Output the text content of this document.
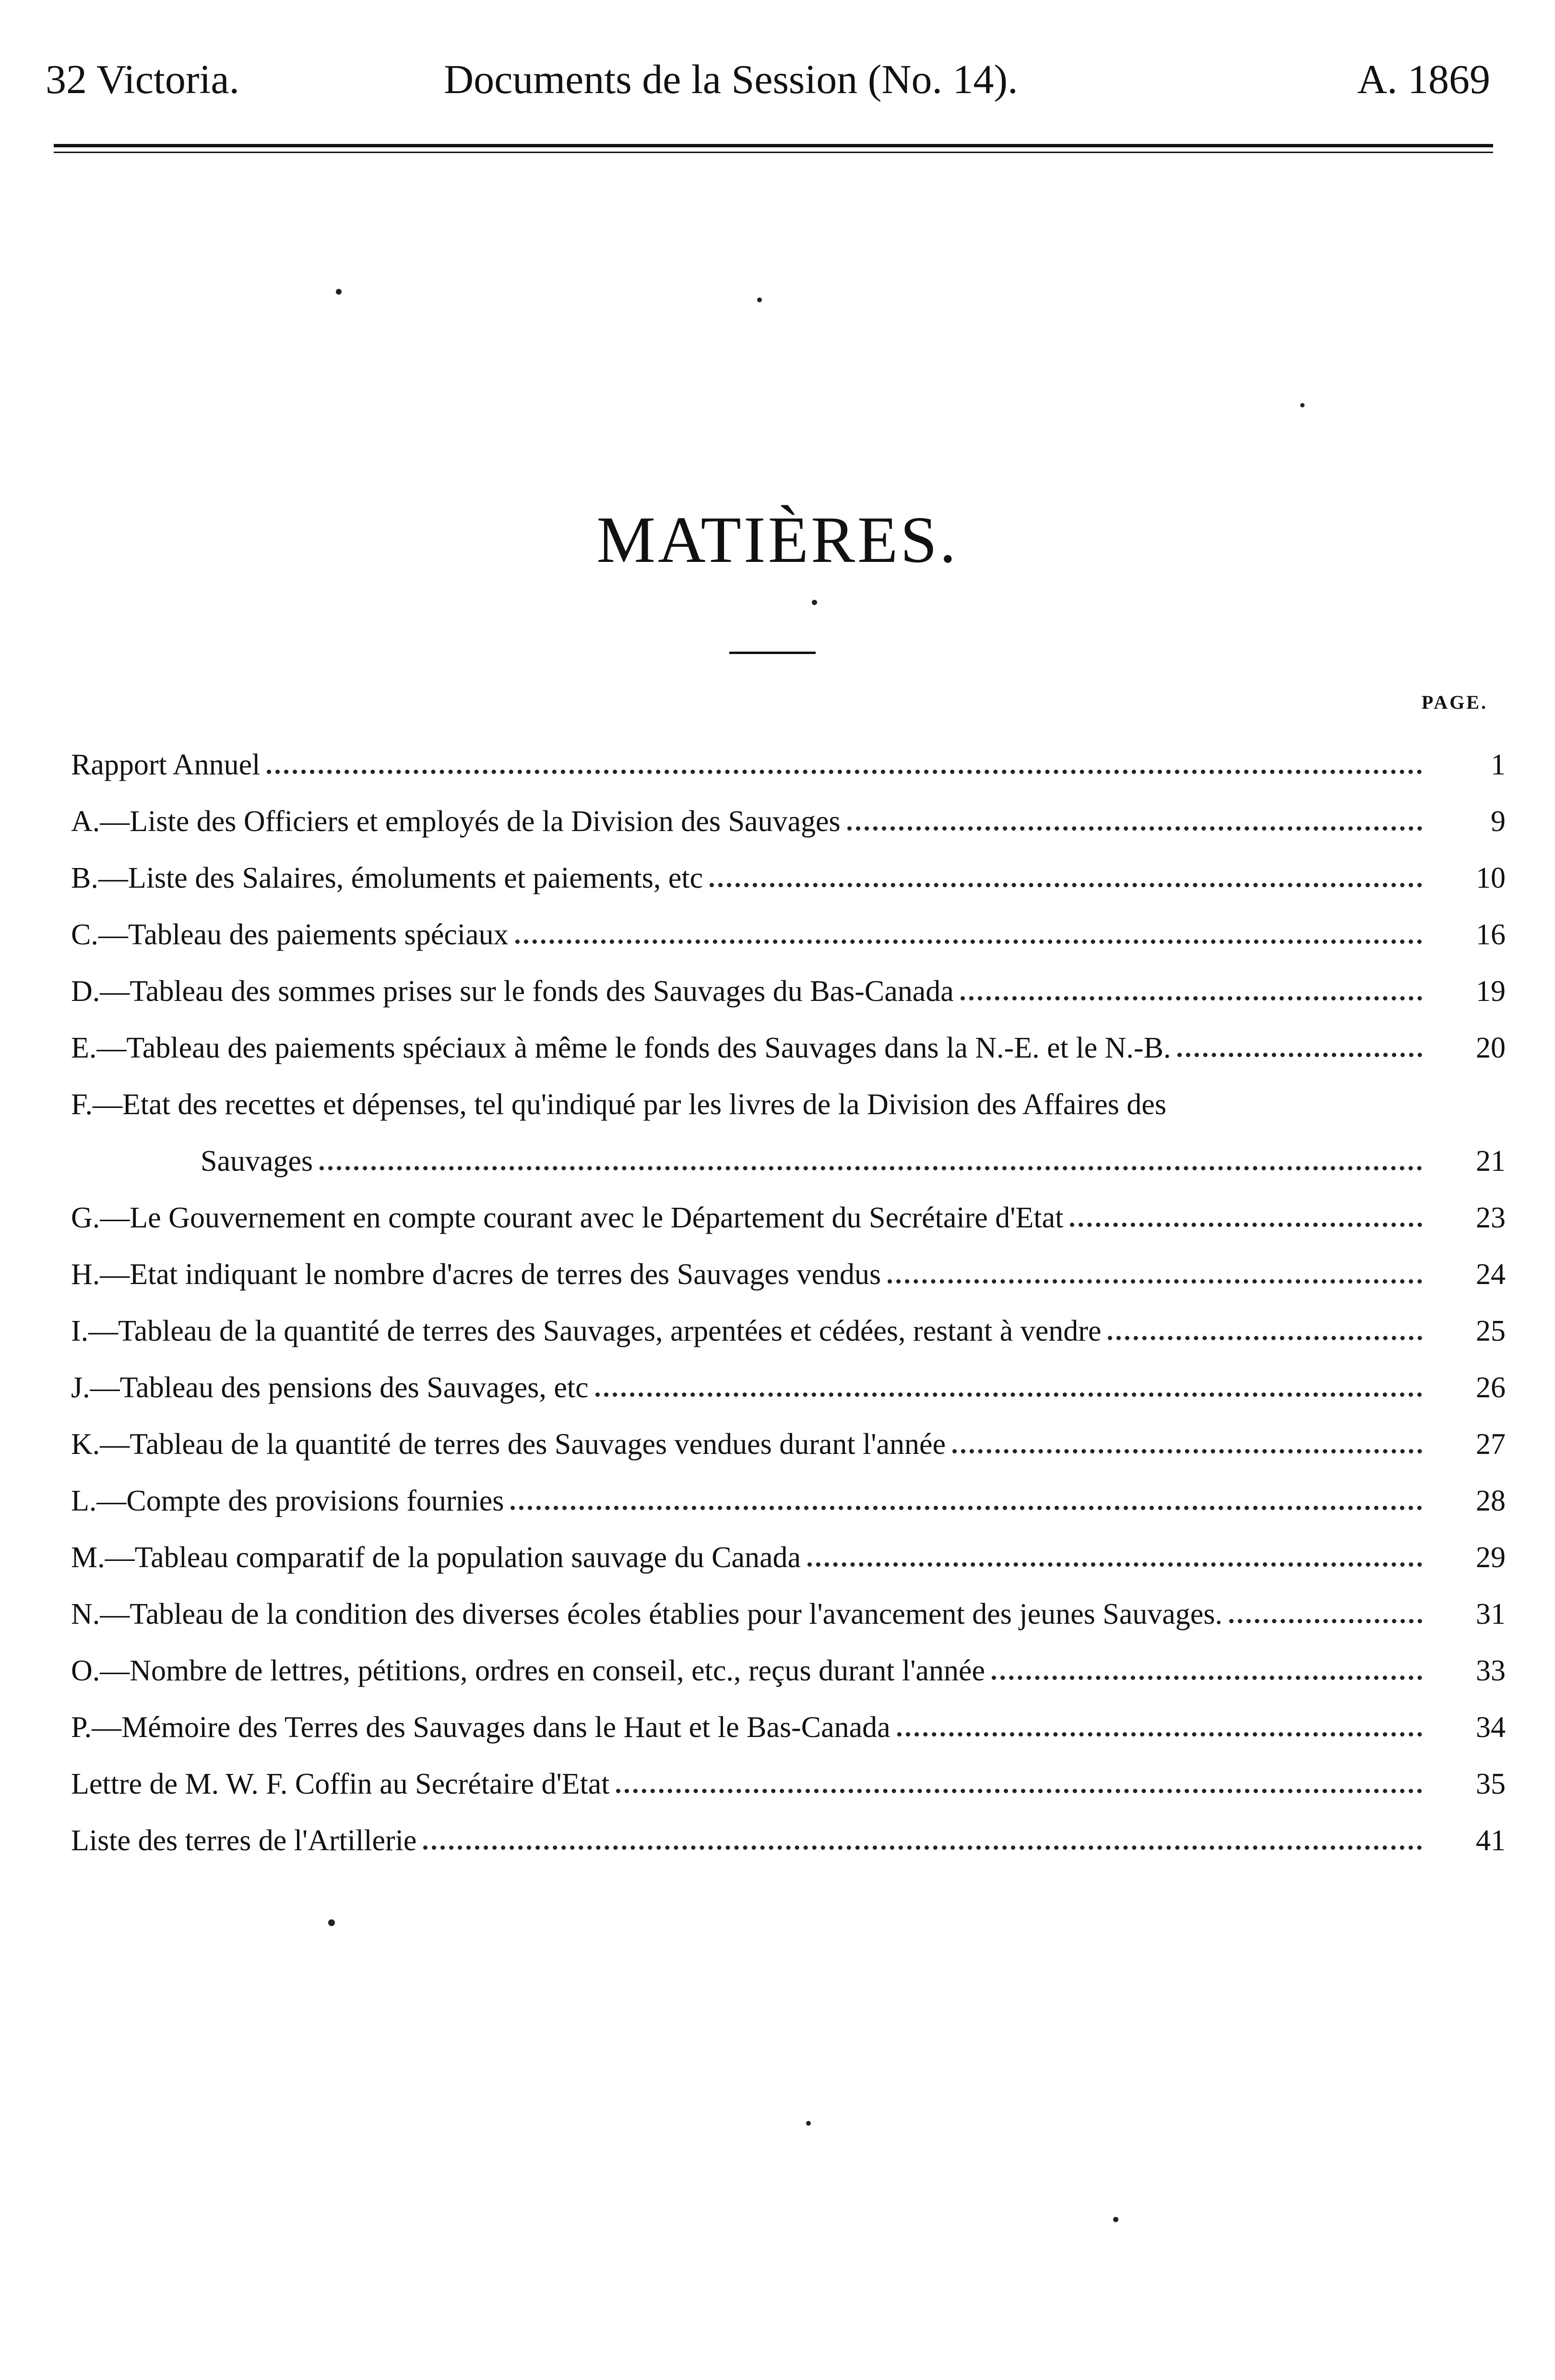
32 Victoria.	Documents de la Session (No. 14).	A. 1869
MATIÈRES.
PAGE.
Rapport Annuel	1
A.—Liste des Officiers et employés de la Division des Sauvages	9
B.—Liste des Salaires, émoluments et paiements, etc	10
C.—Tableau des paiements spéciaux	16
D.—Tableau des sommes prises sur le fonds des Sauvages du Bas-Canada	19
E.—Tableau des paiements spéciaux à même le fonds des Sauvages dans la N.-E. et le N.-B.	20
F.—Etat des recettes et dépenses, tel qu'indiqué par les livres de la Division des Affaires des
Sauvages	21
G.—Le Gouvernement en compte courant avec le Département du Secrétaire d'Etat	23
H.—Etat indiquant le nombre d'acres de terres des Sauvages vendus	24
I.—Tableau de la quantité de terres des Sauvages, arpentées et cédées, restant à vendre	25
J.—Tableau des pensions des Sauvages, etc	26
K.—Tableau de la quantité de terres des Sauvages vendues durant l'année	27
L.—Compte des provisions fournies	28
M.—Tableau comparatif de la population sauvage du Canada	29
N.—Tableau de la condition des diverses écoles établies pour l'avancement des jeunes Sauvages.	31
O.—Nombre de lettres, pétitions, ordres en conseil, etc., reçus durant l'année	33
P.—Mémoire des Terres des Sauvages dans le Haut et le Bas-Canada	34
Lettre de M. W. F. Coffin au Secrétaire d'Etat	35
Liste des terres de l'Artillerie	41
